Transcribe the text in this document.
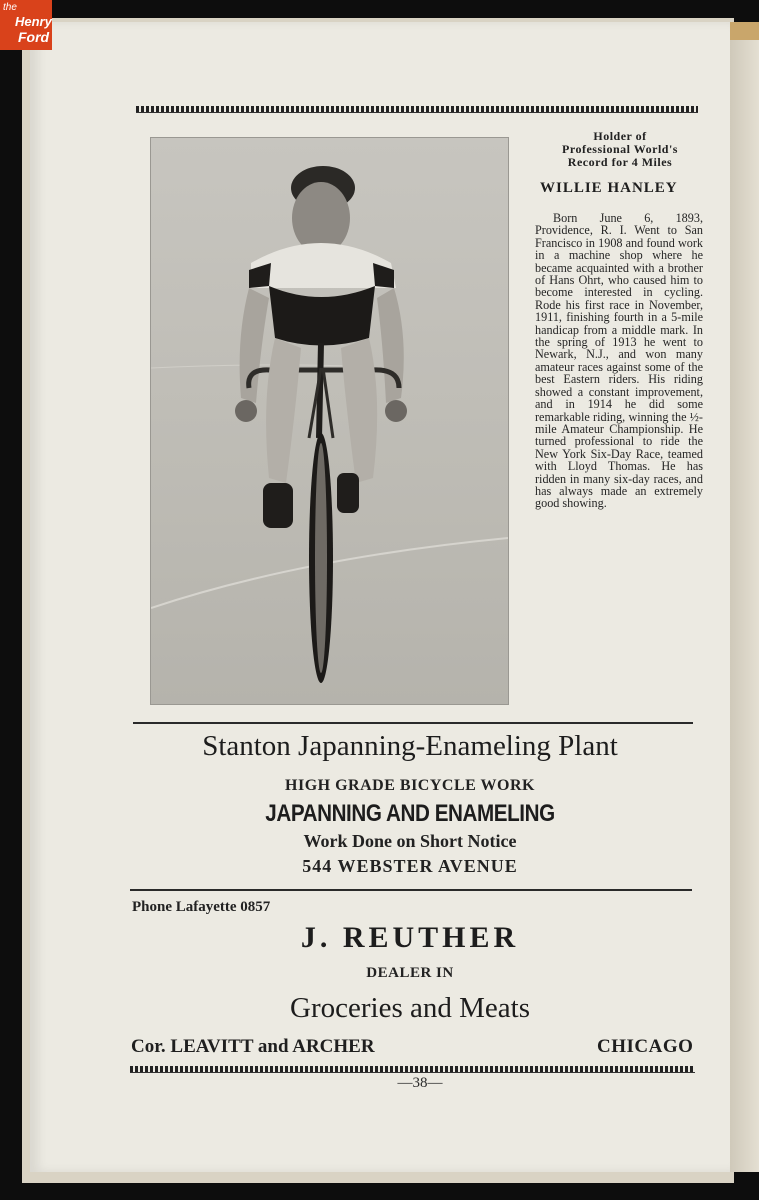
the
Henry
Ford
Holder of
Professional World's
Record for 4 Miles
WILLIE HANLEY

Born June 6, 1893, Providence, R. I. Went to San Francisco in 1908 and found work in a machine shop where he became acquainted with a brother of Hans Ohrt, who caused him to become interested in cycling. Rode his first race in November, 1911, finishing fourth in a 5-mile handicap from a middle mark. In the spring of 1913 he went to Newark, N.J., and won many amateur races against some of the best Eastern riders. His riding showed a constant improvement, and in 1914 he did some remarkable riding, winning the ½-mile Amateur Championship. He turned professional to ride the New York Six-Day Race, teamed with Lloyd Thomas. He has ridden in many six-day races, and has always made an extremely good showing.

Stanton Japanning-Enameling Plant
HIGH GRADE BICYCLE WORK
JAPANNING AND ENAMELING
Work Done on Short Notice
544 WEBSTER AVENUE
Phone Lafayette 0857
J. REUTHER
DEALER IN
Groceries and Meats
Cor. LEAVITT and ARCHER	CHICAGO
—38—
